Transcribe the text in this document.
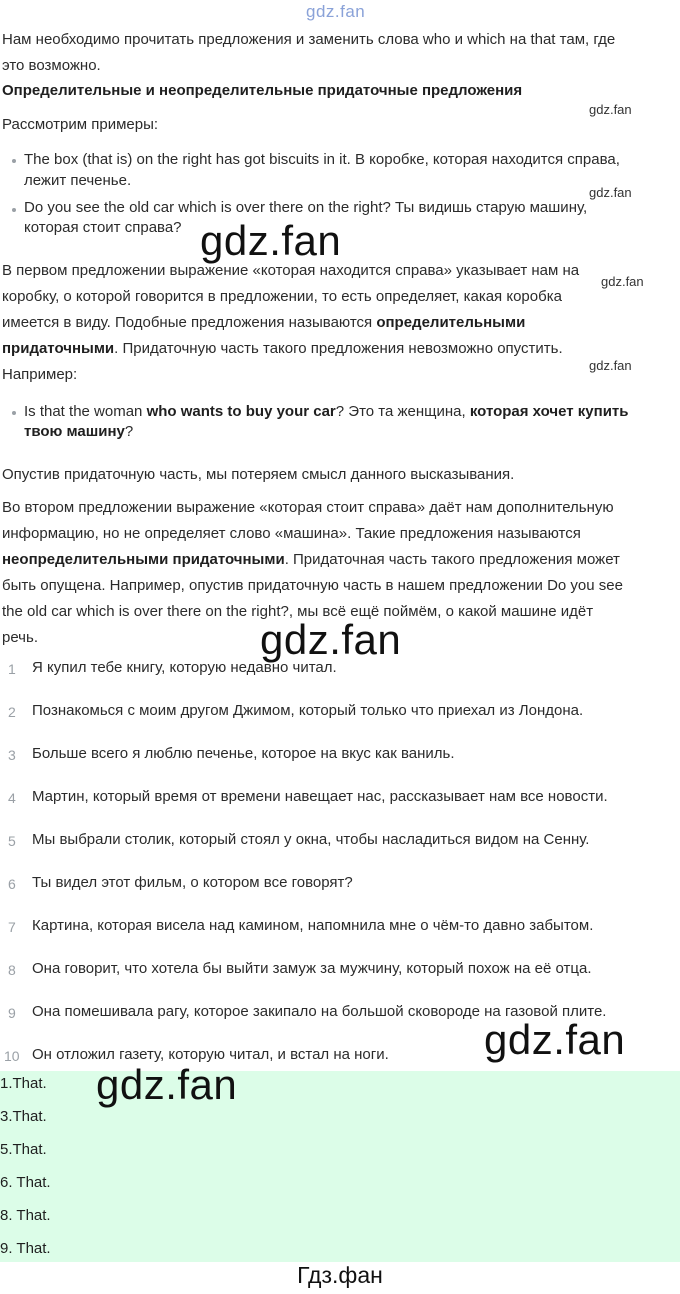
gdz.fan
Нам необходимо прочитать предложения и заменить слова who и which на that там, где
это возможно.
Определительные и неопределительные придаточные предложения
gdz.fan
Рассмотрим примеры:
The box (that is) on the right has got biscuits in it. В коробке, которая находится справа,
лежит печенье.
gdz.fan
Do you see the old car which is over there on the right? Ты видишь старую машину,
которая стоит справа? gdz.fan
В первом предложении выражение «которая находится справа» указывает нам на
gdz.fan
коробку, о которой говорится в предложении, то есть определяет, какая коробка
имеется в виду. Подобные предложения называются определительными
придаточными. Придаточную часть такого предложения невозможно опустить.
gdz.fan
Например:
Is that the woman who wants to buy your car? Это та женщина, которая хочет купить
твою машину?
Опустив придаточную часть, мы потеряем смысл данного высказывания.
Во втором предложении выражение «которая стоит справа» даёт нам дополнительную
информацию, но не определяет слово «машина». Такие предложения называются
неопределительными придаточными. Придаточная часть такого предложения может
быть опущена. Например, опустив придаточную часть в нашем предложении Do you see
the old car which is over there on the right?, мы всё ещё поймём, о какой машине идёт
речь.	gdz.fan
1	Я купил тебе книгу, которую недавно читал.
2	Познакомься с моим другом Джимом, который только что приехал из Лондона.
3	Больше всего я люблю печенье, которое на вкус как ваниль.
4	Мартин, который время от времени навещает нас, рассказывает нам все новости.
5	Мы выбрали столик, который стоял у окна, чтобы насладиться видом на Сенну.
6	Ты видел этот фильм, о котором все говорят?
7	Картина, которая висела над камином, напомнила мне о чём-то давно забытом.
8	Она говорит, что хотела бы выйти замуж за мужчину, который похож на её отца.
9	Она помешивала рагу, которое закипало на большой сковороде на газовой плите.
10 Он отложил газету, которую читал, и встал на ноги. gdz.fan
1.That.
3.That.
5.That.
6. That.
8. That.
9. That.
gdz.fan
Гдз.фан
